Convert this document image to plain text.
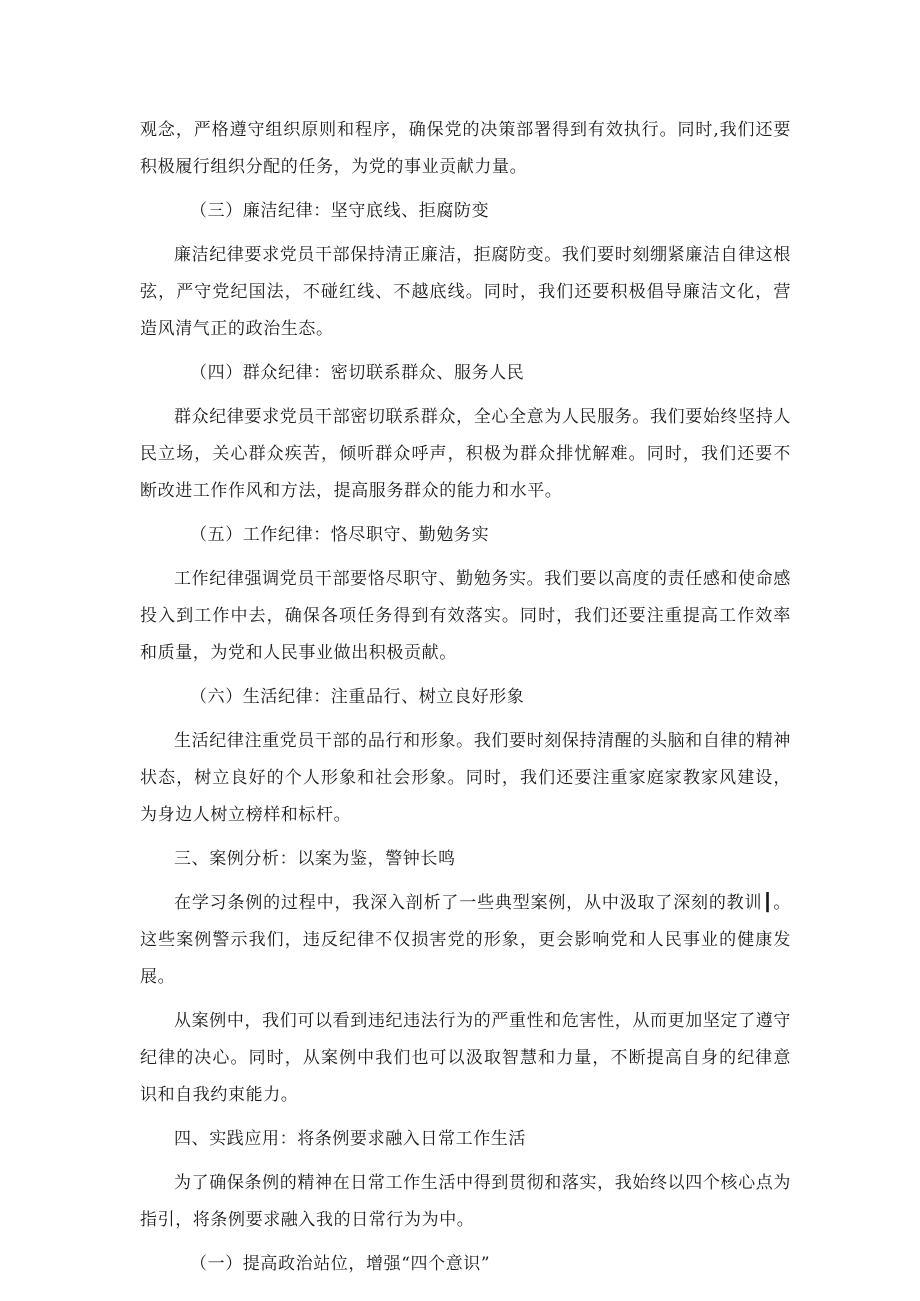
观念，严格遵守组织原则和程序，确保党的决策部署得到有效执行。同时,我们还要积极履行组织分配的任务，为党的事业贡献力量。

（三）廉洁纪律：坚守底线、拒腐防变

廉洁纪律要求党员干部保持清正廉洁，拒腐防变。我们要时刻绷紧廉洁自律这根弦，严守党纪国法，不碰红线、不越底线。同时，我们还要积极倡导廉洁文化，营造风清气正的政治生态。

（四）群众纪律：密切联系群众、服务人民

群众纪律要求党员干部密切联系群众，全心全意为人民服务。我们要始终坚持人民立场，关心群众疾苦，倾听群众呼声，积极为群众排忧解难。同时，我们还要不断改进工作作风和方法，提高服务群众的能力和水平。

（五）工作纪律：恪尽职守、勤勉务实

工作纪律强调党员干部要恪尽职守、勤勉务实。我们要以高度的责任感和使命感投入到工作中去，确保各项任务得到有效落实。同时，我们还要注重提高工作效率和质量，为党和人民事业做出积极贡献。

（六）生活纪律：注重品行、树立良好形象

生活纪律注重党员干部的品行和形象。我们要时刻保持清醒的头脑和自律的精神状态，树立良好的个人形象和社会形象。同时，我们还要注重家庭家教家风建设，为身边人树立榜样和标杆。

三、案例分析：以案为鉴，警钟长鸣

在学习条例的过程中，我深入剖析了一些典型案例，从中汲取了深刻的教训┃。这些案例警示我们，违反纪律不仅损害党的形象，更会影响党和人民事业的健康发展。

从案例中，我们可以看到违纪违法行为的严重性和危害性，从而更加坚定了遵守纪律的决心。同时，从案例中我们也可以汲取智慧和力量，不断提高自身的纪律意识和自我约束能力。

四、实践应用：将条例要求融入日常工作生活

为了确保条例的精神在日常工作生活中得到贯彻和落实，我始终以四个核心点为指引，将条例要求融入我的日常行为为中。

（一）提高政治站位，增强“四个意识”
